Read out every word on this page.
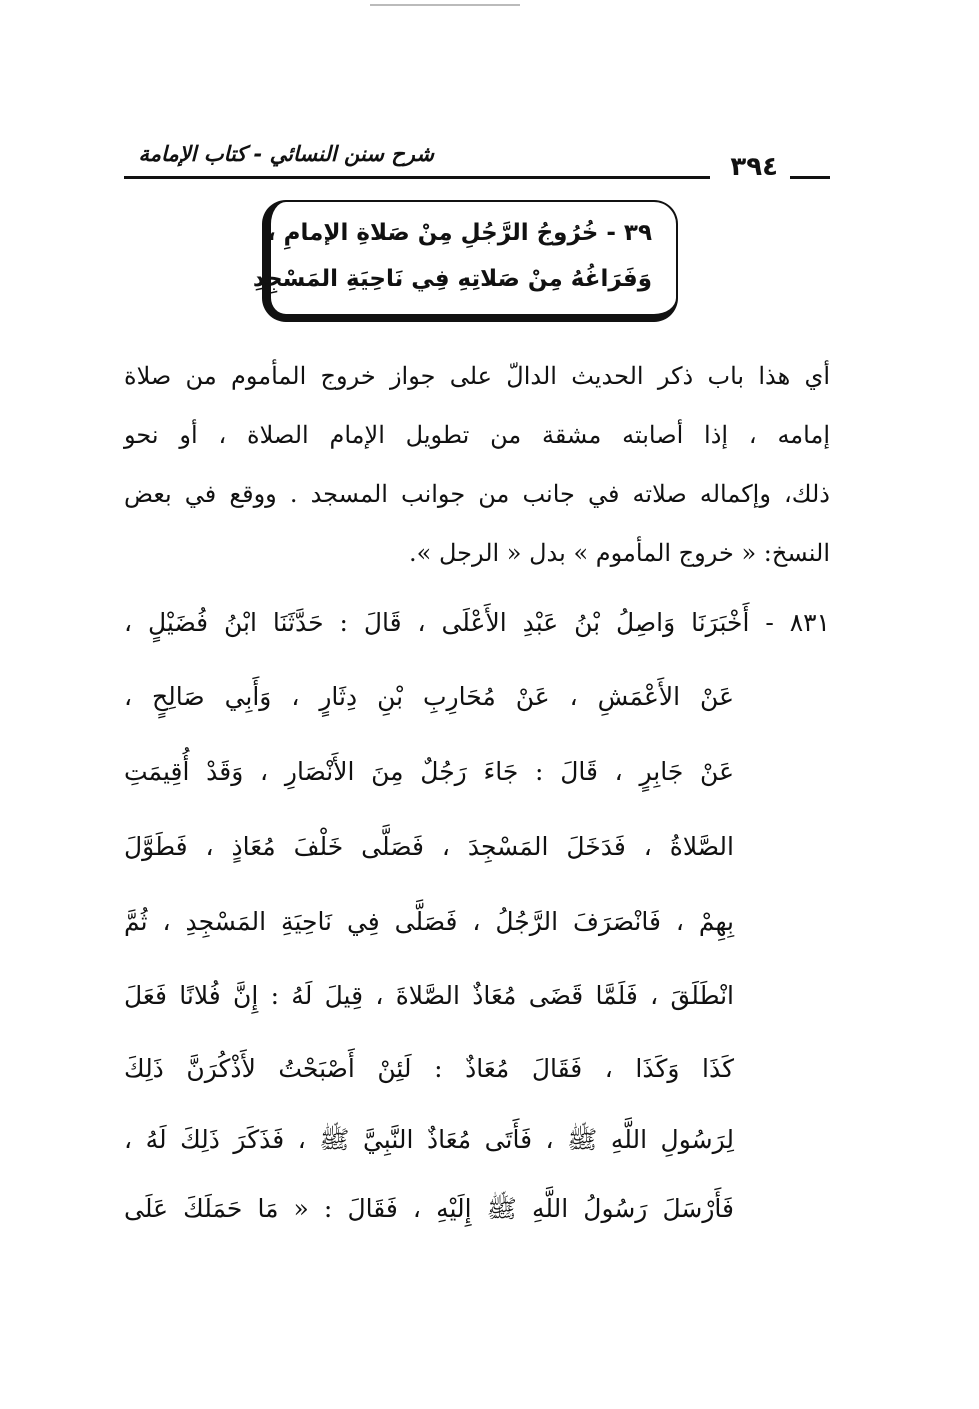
شرح سنن النسائي - كتاب الإمامة	٣٩٤
٣٩ - خُرُوجُ الرَّجُلِ مِنْ صَلاةِ الإمامِ ،
وَفَرَاغُهُ مِنْ صَلاتِهِ فِي نَاحِيَةِ المَسْجِدِ
أي هذا باب ذكر الحديث الدالّ على جواز خروج المأموم من صلاة
إمامه ، إذا أصابته مشقة من تطويل الإمام الصلاة ، أو نحو
ذلك، وإكماله صلاته في جانب من جوانب المسجد . ووقع في بعض
النسخ: « خروج المأموم » بدل « الرجل ».
٨٣١ - أَخْبَرَنَا وَاصِلُ بْنُ عَبْدِ الأَعْلَى ، قَالَ : حَدَّثَنَا ابْنُ فُضَيْلٍ ،
عَنْ الأَعْمَشِ ، عَنْ مُحَارِبِ بْنِ دِثَارٍ ، وَأَبِي صَالِحٍ ،
عَنْ جَابِرٍ ، قَالَ : جَاءَ رَجُلٌ مِنَ الأَنْصَارِ ، وَقَدْ أُقِيمَتِ
الصَّلاةُ ، فَدَخَلَ المَسْجِدَ ، فَصَلَّى خَلْفَ مُعَاذٍ ، فَطَوَّلَ
بِهِمْ ، فَانْصَرَفَ الرَّجُلُ ، فَصَلَّى فِي نَاحِيَةِ المَسْجِدِ ، ثُمَّ
انْطَلَقَ ، فَلَمَّا قَضَى مُعَاذٌ الصَّلاةَ ، قِيلَ لَهُ : إِنَّ فُلانًا فَعَلَ
كَذَا وَكَذَا ، فَقَالَ مُعَاذٌ : لَئِنْ أَصْبَحْتُ لأَذْكُرَنَّ ذَلِكَ
لِرَسُولِ اللَّهِ ﷺ ، فَأَتَى مُعَاذٌ النَّبِيَّ ﷺ ، فَذَكَرَ ذَلِكَ لَهُ ،
فَأَرْسَلَ رَسُولُ اللَّهِ ﷺ إِلَيْهِ ، فَقَالَ : « مَا حَمَلَكَ عَلَى
